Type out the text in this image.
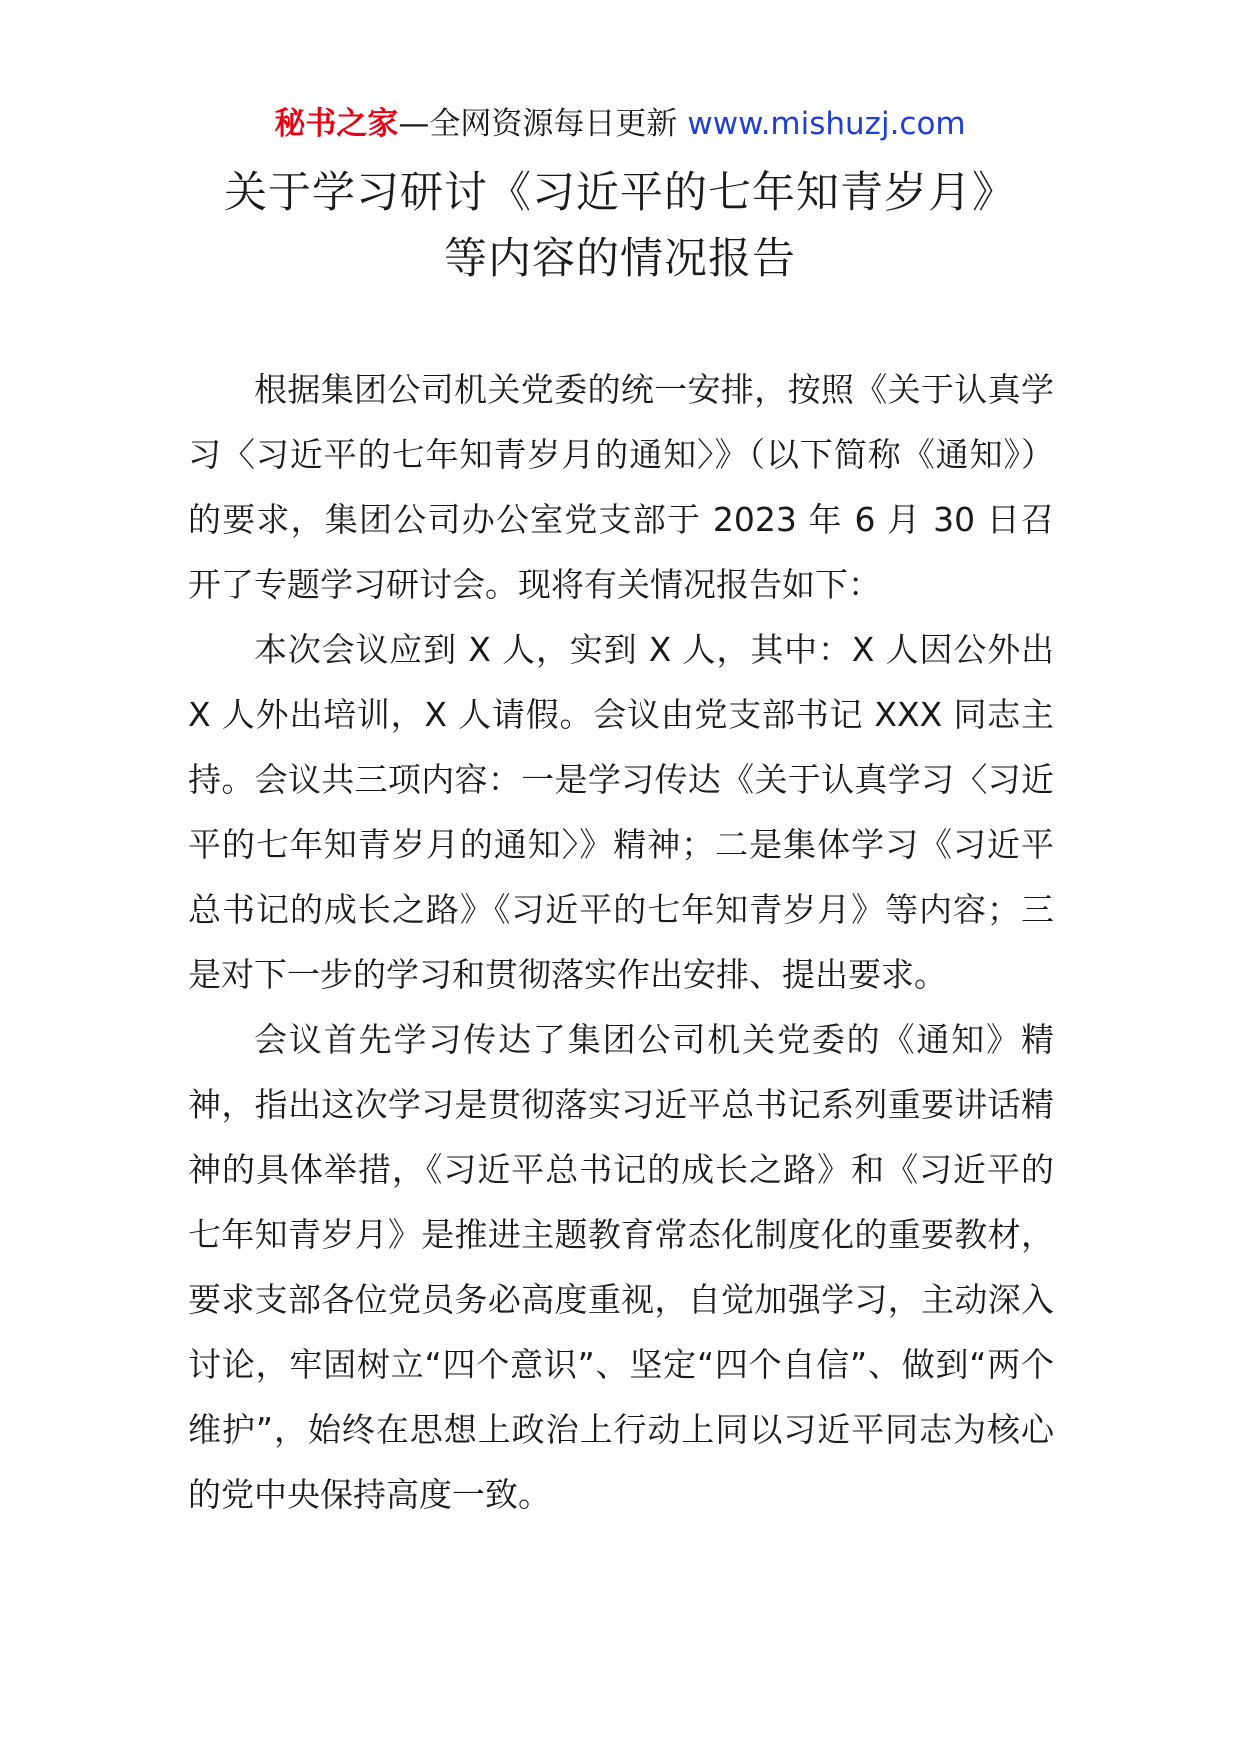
秘书之家—全网资源每日更新 www.mishuzj.com
关于学习研讨《习近平的七年知青岁月》
等内容的情况报告

根据集团公司机关党委的统一安排，按照《关于认真学习〈习近平的七年知青岁月的通知〉》（以下简称《通知》）的要求，集团公司办公室党支部于 2023 年 6 月 30 日召开了专题学习研讨会。现将有关情况报告如下：

本次会议应到 X 人，实到 X 人，其中：X 人因公外出 X 人外出培训，X 人请假。会议由党支部书记 XXX 同志主持。会议共三项内容：一是学习传达《关于认真学习〈习近平的七年知青岁月的通知〉》精神；二是集体学习《习近平总书记的成长之路》《习近平的七年知青岁月》等内容；三是对下一步的学习和贯彻落实作出安排、提出要求。

会议首先学习传达了集团公司机关党委的《通知》精神，指出这次学习是贯彻落实习近平总书记系列重要讲话精神的具体举措，《习近平总书记的成长之路》和《习近平的七年知青岁月》是推进主题教育常态化制度化的重要教材，要求支部各位党员务必高度重视，自觉加强学习，主动深入讨论，牢固树立“四个意识”、坚定“四个自信”、做到“两个维护”，始终在思想上政治上行动上同以习近平同志为核心的党中央保持高度一致。
